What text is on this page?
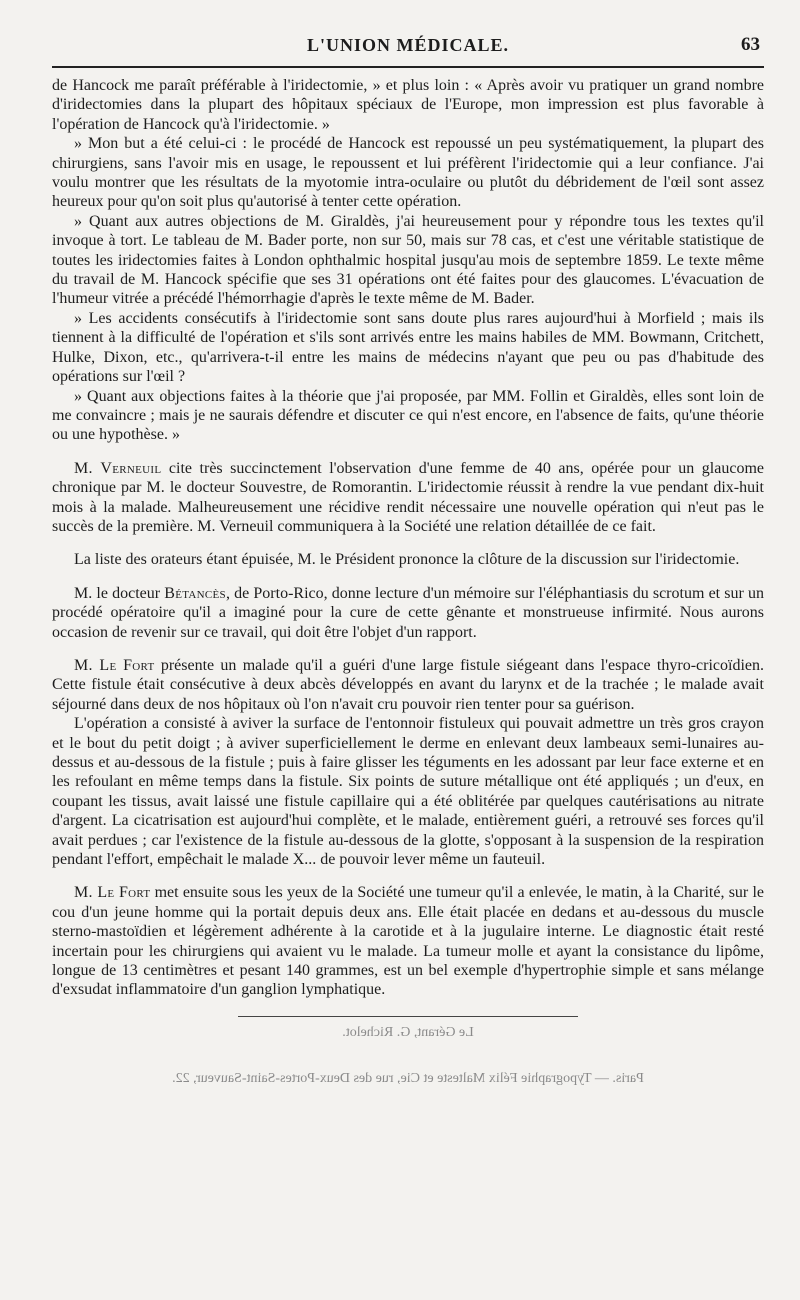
L'UNION MÉDICALE.	63

de Hancock me paraît préférable à l'iridectomie, » et plus loin : « Après avoir vu pratiquer un grand nombre d'iridectomies dans la plupart des hôpitaux spéciaux de l'Europe, mon impression est plus favorable à l'opération de Hancock qu'à l'iridectomie. »

» Mon but a été celui-ci : le procédé de Hancock est repoussé un peu systématiquement, la plupart des chirurgiens, sans l'avoir mis en usage, le repoussent et lui préfèrent l'iridectomie qui a leur confiance. J'ai voulu montrer que les résultats de la myotomie intra-oculaire ou plutôt du débridement de l'œil sont assez heureux pour qu'on soit plus qu'autorisé à tenter cette opération.

» Quant aux autres objections de M. Giraldès, j'ai heureusement pour y répondre tous les textes qu'il invoque à tort. Le tableau de M. Bader porte, non sur 50, mais sur 78 cas, et c'est une véritable statistique de toutes les iridectomies faites à London ophthalmic hospital jusqu'au mois de septembre 1859. Le texte même du travail de M. Hancock spécifie que ses 31 opérations ont été faites pour des glaucomes. L'évacuation de l'humeur vitrée a précédé l'hémorrhagie d'après le texte même de M. Bader.

» Les accidents consécutifs à l'iridectomie sont sans doute plus rares aujourd'hui à Morfield ; mais ils tiennent à la difficulté de l'opération et s'ils sont arrivés entre les mains habiles de MM. Bowmann, Critchett, Hulke, Dixon, etc., qu'arrivera-t-il entre les mains de médecins n'ayant que peu ou pas d'habitude des opérations sur l'œil ?

» Quant aux objections faites à la théorie que j'ai proposée, par MM. Follin et Giraldès, elles sont loin de me convaincre ; mais je ne saurais défendre et discuter ce qui n'est encore, en l'absence de faits, qu'une théorie ou une hypothèse. »

M. Verneuil cite très succinctement l'observation d'une femme de 40 ans, opérée pour un glaucome chronique par M. le docteur Souvestre, de Romorantin. L'iridectomie réussit à rendre la vue pendant dix-huit mois à la malade. Malheureusement une récidive rendit nécessaire une nouvelle opération qui n'eut pas le succès de la première. M. Verneuil communiquera à la Société une relation détaillée de ce fait.

La liste des orateurs étant épuisée, M. le Président prononce la clôture de la discussion sur l'iridectomie.

M. le docteur Bétancès, de Porto-Rico, donne lecture d'un mémoire sur l'éléphantiasis du scrotum et sur un procédé opératoire qu'il a imaginé pour la cure de cette gênante et monstrueuse infirmité. Nous aurons occasion de revenir sur ce travail, qui doit être l'objet d'un rapport.

M. Le Fort présente un malade qu'il a guéri d'une large fistule siégeant dans l'espace thyro-cricoïdien. Cette fistule était consécutive à deux abcès développés en avant du larynx et de la trachée ; le malade avait séjourné dans deux de nos hôpitaux où l'on n'avait cru pouvoir rien tenter pour sa guérison.

L'opération a consisté à aviver la surface de l'entonnoir fistuleux qui pouvait admettre un très gros crayon et le bout du petit doigt ; à aviver superficiellement le derme en enlevant deux lambeaux semi-lunaires au-dessus et au-dessous de la fistule ; puis à faire glisser les téguments en les adossant par leur face externe et en les refoulant en même temps dans la fistule. Six points de suture métallique ont été appliqués ; un d'eux, en coupant les tissus, avait laissé une fistule capillaire qui a été oblitérée par quelques cautérisations au nitrate d'argent. La cicatrisation est aujourd'hui complète, et le malade, entièrement guéri, a retrouvé ses forces qu'il avait perdues ; car l'existence de la fistule au-dessous de la glotte, s'opposant à la suspension de la respiration pendant l'effort, empêchait le malade X... de pouvoir lever même un fauteuil.

M. Le Fort met ensuite sous les yeux de la Société une tumeur qu'il a enlevée, le matin, à la Charité, sur le cou d'un jeune homme qui la portait depuis deux ans. Elle était placée en dedans et au-dessous du muscle sterno-mastoïdien et légèrement adhérente à la carotide et à la jugulaire interne. Le diagnostic était resté incertain pour les chirurgiens qui avaient vu le malade. La tumeur molle et ayant la consistance du lipôme, longue de 13 centimètres et pesant 140 grammes, est un bel exemple d'hypertrophie simple et sans mélange d'exsudat inflammatoire d'un ganglion lymphatique.

Le Gérant, G. Richelot.
Paris. — Typographie Félix Malteste et Cie, rue des Deux-Portes-Saint-Sauveur, 22.
